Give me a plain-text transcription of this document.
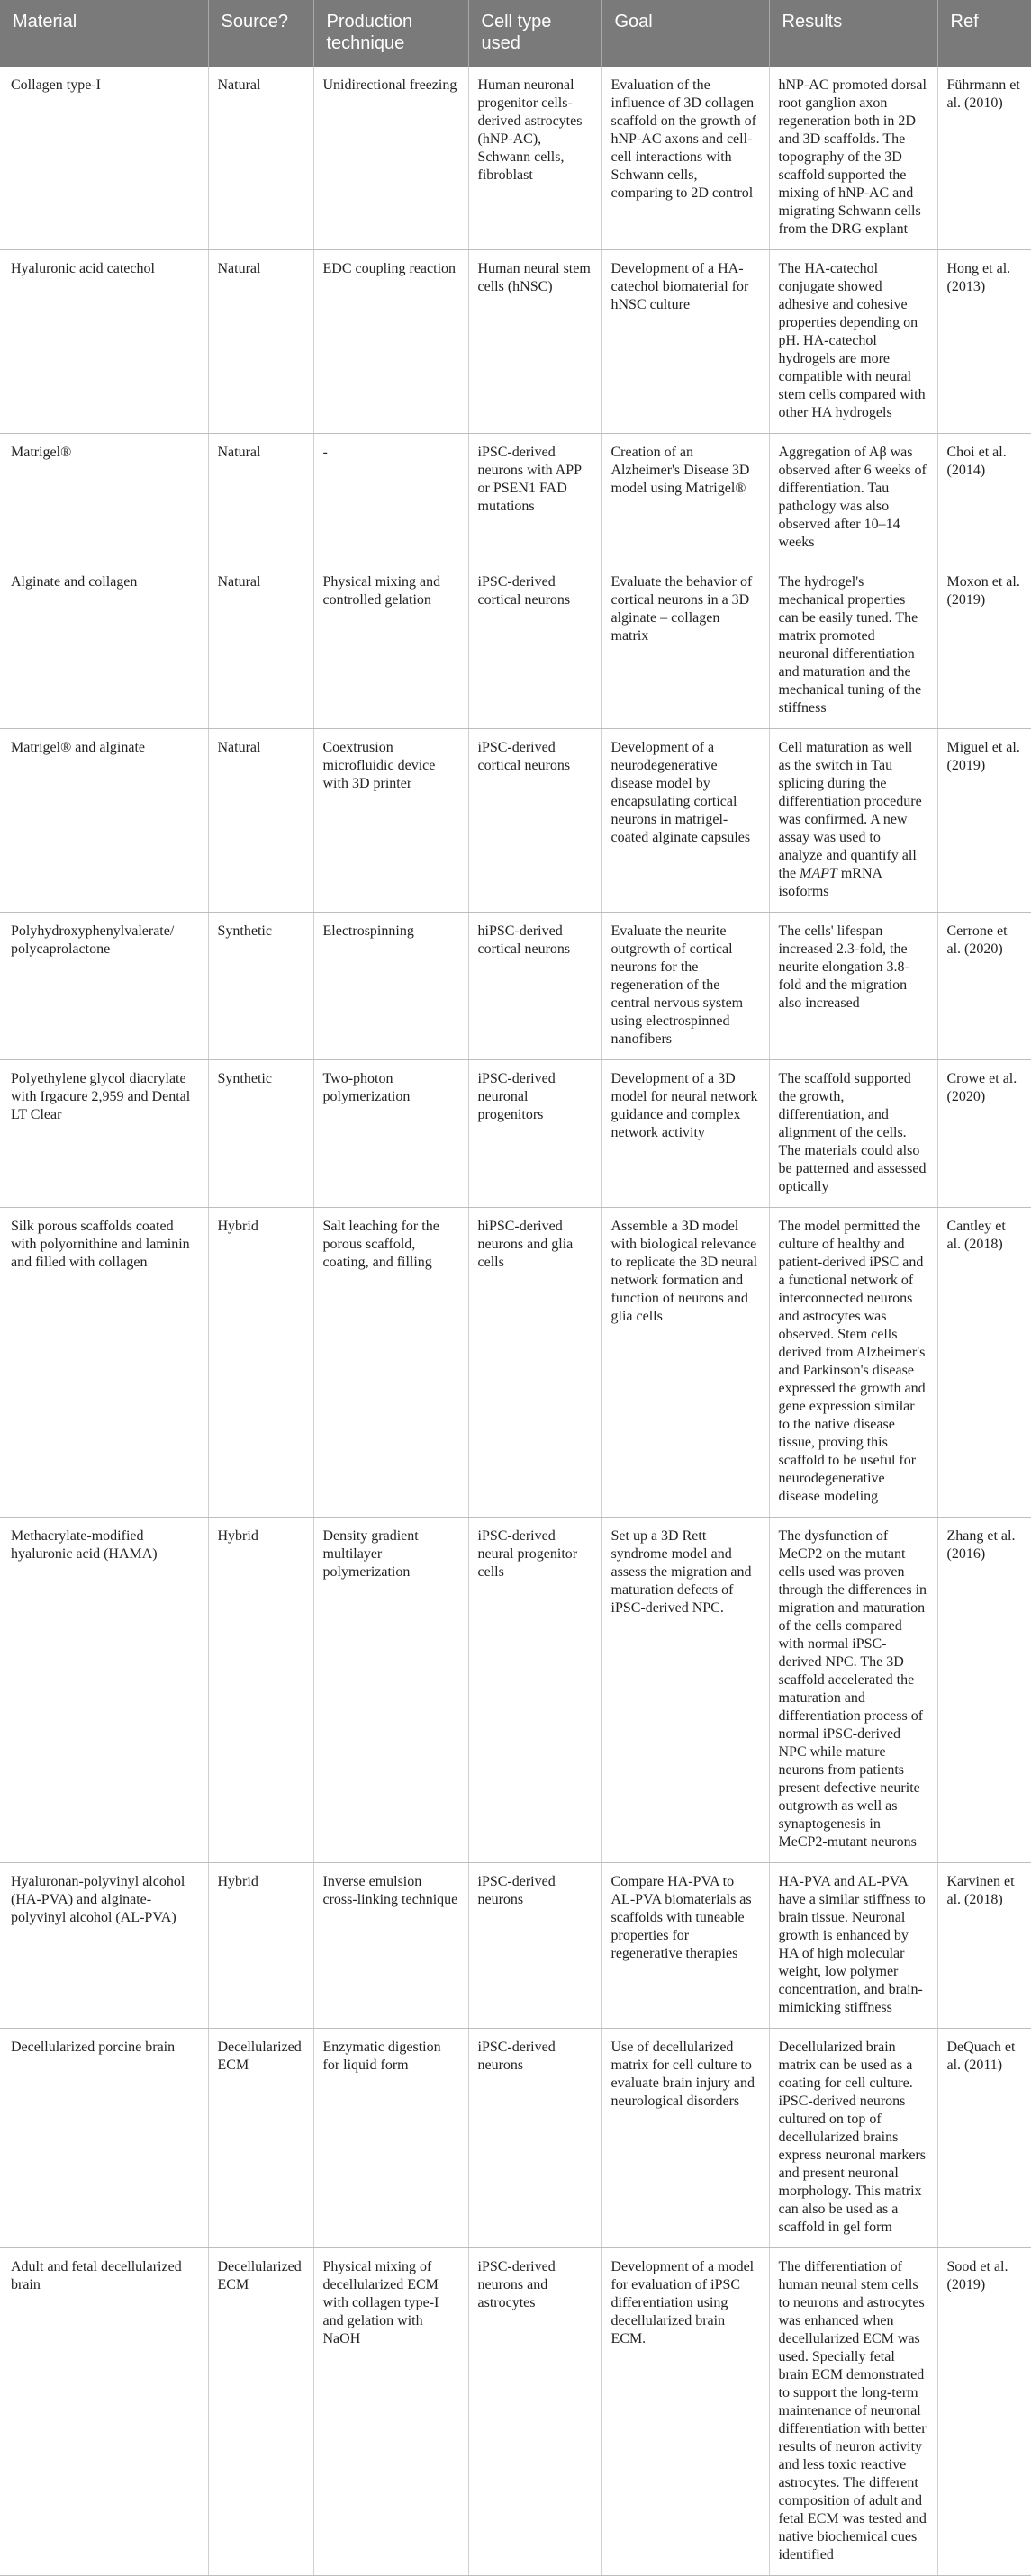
Material	Source?	Production technique	Cell type used	Goal	Results	Ref
Collagen type-I	Natural	Unidirectional freezing	Human neuronal progenitor cells-derived astrocytes (hNP-AC), Schwann cells, fibroblast	Evaluation of the influence of 3D collagen scaffold on the growth of hNP-AC axons and cell-cell interactions with Schwann cells, comparing to 2D control	hNP-AC promoted dorsal root ganglion axon regeneration both in 2D and 3D scaffolds. The topography of the 3D scaffold supported the mixing of hNP-AC and migrating Schwann cells from the DRG explant	Führmann et al. (2010)
Hyaluronic acid catechol	Natural	EDC coupling reaction	Human neural stem cells (hNSC)	Development of a HA-catechol biomaterial for hNSC culture	The HA-catechol conjugate showed adhesive and cohesive properties depending on pH. HA-catechol hydrogels are more compatible with neural stem cells compared with other HA hydrogels	Hong et al. (2013)
Matrigel®	Natural	-	iPSC-derived neurons with APP or PSEN1 FAD mutations	Creation of an Alzheimer's Disease 3D model using Matrigel®	Aggregation of Aβ was observed after 6 weeks of differentiation. Tau pathology was also observed after 10–14 weeks	Choi et al. (2014)
Alginate and collagen	Natural	Physical mixing and controlled gelation	iPSC-derived cortical neurons	Evaluate the behavior of cortical neurons in a 3D alginate – collagen matrix	The hydrogel's mechanical properties can be easily tuned. The matrix promoted neuronal differentiation and maturation and the mechanical tuning of the stiffness	Moxon et al. (2019)
Matrigel® and alginate	Natural	Coextrusion microfluidic device with 3D printer	iPSC-derived cortical neurons	Development of a neurodegenerative disease model by encapsulating cortical neurons in matrigel-coated alginate capsules	Cell maturation as well as the switch in Tau splicing during the differentiation procedure was confirmed. A new assay was used to analyze and quantify all the MAPT mRNA isoforms	Miguel et al. (2019)
Polyhydroxyphenylvalerate/ polycaprolactone	Synthetic	Electrospinning	hiPSC-derived cortical neurons	Evaluate the neurite outgrowth of cortical neurons for the regeneration of the central nervous system using electrospinned nanofibers	The cells' lifespan increased 2.3-fold, the neurite elongation 3.8-fold and the migration also increased	Cerrone et al. (2020)
Polyethylene glycol diacrylate with Irgacure 2,959 and Dental LT Clear	Synthetic	Two-photon polymerization	iPSC-derived neuronal progenitors	Development of a 3D model for neural network guidance and complex network activity	The scaffold supported the growth, differentiation, and alignment of the cells. The materials could also be patterned and assessed optically	Crowe et al. (2020)
Silk porous scaffolds coated with polyornithine and laminin and filled with collagen	Hybrid	Salt leaching for the porous scaffold, coating, and filling	hiPSC-derived neurons and glia cells	Assemble a 3D model with biological relevance to replicate the 3D neural network formation and function of neurons and glia cells	The model permitted the culture of healthy and patient-derived iPSC and a functional network of interconnected neurons and astrocytes was observed. Stem cells derived from Alzheimer's and Parkinson's disease expressed the growth and gene expression similar to the native disease tissue, proving this scaffold to be useful for neurodegenerative disease modeling	Cantley et al. (2018)
Methacrylate-modified hyaluronic acid (HAMA)	Hybrid	Density gradient multilayer polymerization	iPSC-derived neural progenitor cells	Set up a 3D Rett syndrome model and assess the migration and maturation defects of iPSC-derived NPC.	The dysfunction of MeCP2 on the mutant cells used was proven through the differences in migration and maturation of the cells compared with normal iPSC-derived NPC. The 3D scaffold accelerated the maturation and differentiation process of normal iPSC-derived NPC while mature neurons from patients present defective neurite outgrowth as well as synaptogenesis in MeCP2-mutant neurons	Zhang et al. (2016)
Hyaluronan-polyvinyl alcohol (HA-PVA) and alginate-polyvinyl alcohol (AL-PVA)	Hybrid	Inverse emulsion cross-linking technique	iPSC-derived neurons	Compare HA-PVA to AL-PVA biomaterials as scaffolds with tuneable properties for regenerative therapies	HA-PVA and AL-PVA have a similar stiffness to brain tissue. Neuronal growth is enhanced by HA of high molecular weight, low polymer concentration, and brain-mimicking stiffness	Karvinen et al. (2018)
Decellularized porcine brain	Decellularized ECM	Enzymatic digestion for liquid form	iPSC-derived neurons	Use of decellularized matrix for cell culture to evaluate brain injury and neurological disorders	Decellularized brain matrix can be used as a coating for cell culture. iPSC-derived neurons cultured on top of decellularized brains express neuronal markers and present neuronal morphology. This matrix can also be used as a scaffold in gel form	DeQuach et al. (2011)
Adult and fetal decellularized brain	Decellularized ECM	Physical mixing of decellularized ECM with collagen type-I and gelation with NaOH	iPSC-derived neurons and astrocytes	Development of a model for evaluation of iPSC differentiation using decellularized brain ECM.	The differentiation of human neural stem cells to neurons and astrocytes was enhanced when decellularized ECM was used. Specially fetal brain ECM demonstrated to support the long-term maintenance of neuronal differentiation with better results of neuron activity and less toxic reactive astrocytes. The different composition of adult and fetal ECM was tested and native biochemical cues identified	Sood et al. (2019)
